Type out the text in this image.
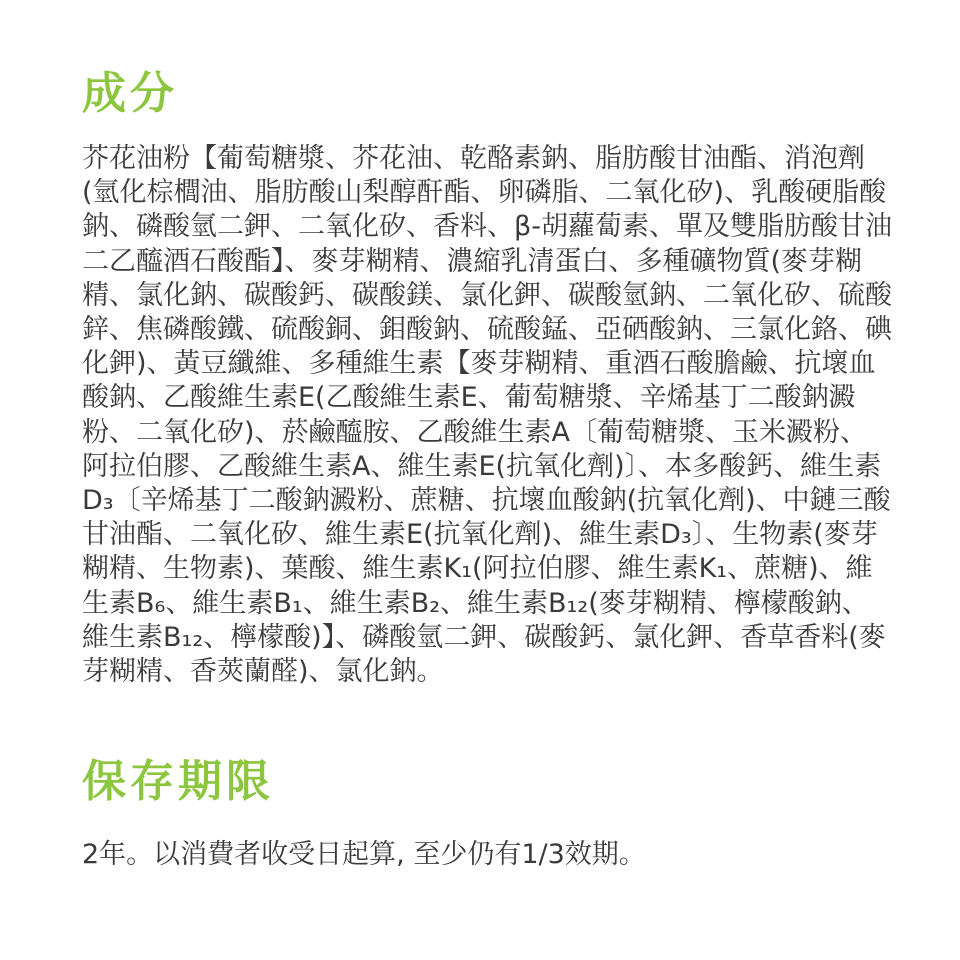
成分

芥花油粉【葡萄糖漿、芥花油、乾酪素鈉、脂肪酸甘油酯、消泡劑(氫化棕櫚油、脂肪酸山梨醇酐酯、卵磷脂、二氧化矽)、乳酸硬脂酸鈉、磷酸氫二鉀、二氧化矽、香料、β-胡蘿蔔素、單及雙脂肪酸甘油二乙醯酒石酸酯】、麥芽糊精、濃縮乳清蛋白、多種礦物質(麥芽糊精、氯化鈉、碳酸鈣、碳酸鎂、氯化鉀、碳酸氫鈉、二氧化矽、硫酸鋅、焦磷酸鐵、硫酸銅、鉬酸鈉、硫酸錳、亞硒酸鈉、三氯化鉻、碘化鉀)、黃豆纖維、多種維生素【麥芽糊精、重酒石酸膽鹼、抗壞血酸鈉、乙酸維生素E(乙酸維生素E、葡萄糖漿、辛烯基丁二酸鈉澱粉、二氧化矽)、菸鹼醯胺、乙酸維生素A〔葡萄糖漿、玉米澱粉、阿拉伯膠、乙酸維生素A、維生素E(抗氧化劑)〕、本多酸鈣、維生素D₃〔辛烯基丁二酸鈉澱粉、蔗糖、抗壞血酸鈉(抗氧化劑)、中鏈三酸甘油酯、二氧化矽、維生素E(抗氧化劑)、維生素D₃〕、生物素(麥芽糊精、生物素)、葉酸、維生素K₁(阿拉伯膠、維生素K₁、蔗糖)、維生素B₆、維生素B₁、維生素B₂、維生素B₁₂(麥芽糊精、檸檬酸鈉、維生素B₁₂、檸檬酸)】、磷酸氫二鉀、碳酸鈣、氯化鉀、香草香料(麥芽糊精、香莢蘭醛)、氯化鈉。

保存期限

2年。以消費者收受日起算, 至少仍有1/3效期。
